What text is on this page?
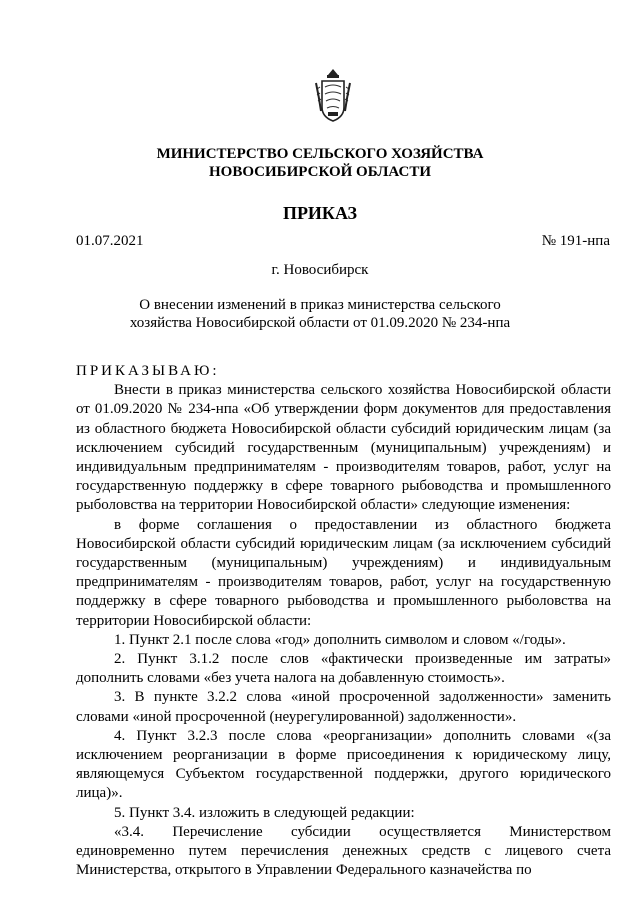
МИНИСТЕРСТВО СЕЛЬСКОГО ХОЗЯЙСТВА
НОВОСИБИРСКОЙ ОБЛАСТИ
ПРИКАЗ
01.07.2021	№ 191-нпа
г. Новосибирск
О внесении изменений в приказ министерства сельского
хозяйства Новосибирской области от 01.09.2020 № 234-нпа

ПРИКАЗЫВАЮ:

Внести в приказ министерства сельского хозяйства Новосибирской области от 01.09.2020 № 234-нпа «Об утверждении форм документов для предоставления из областного бюджета Новосибирской области субсидий юридическим лицам (за исключением субсидий государственным (муниципальным) учреждениям) и индивидуальным предпринимателям - производителям товаров, работ, услуг на государственную поддержку в сфере товарного рыбоводства и промышленного рыболовства на территории Новосибирской области» следующие изменения:

в форме соглашения о предоставлении из областного бюджета Новосибирской области субсидий юридическим лицам (за исключением субсидий государственным (муниципальным) учреждениям) и индивидуальным предпринимателям - производителям товаров, работ, услуг на государственную поддержку в сфере товарного рыбоводства и промышленного рыболовства на территории Новосибирской области:

1. Пункт 2.1 после слова «год» дополнить символом и словом «/годы».

2. Пункт 3.1.2 после слов «фактически произведенные им затраты» дополнить словами «без учета налога на добавленную стоимость».

3. В пункте 3.2.2 слова «иной просроченной задолженности» заменить словами «иной просроченной (неурегулированной) задолженности».

4. Пункт 3.2.3 после слова «реорганизации» дополнить словами «(за исключением реорганизации в форме присоединения к юридическому лицу, являющемуся Субъектом государственной поддержки, другого юридического лица)».

5. Пункт 3.4. изложить в следующей редакции:

«3.4. Перечисление субсидии осуществляется Министерством единовременно путем перечисления денежных средств с лицевого счета Министерства, открытого в Управлении Федерального казначейства по
